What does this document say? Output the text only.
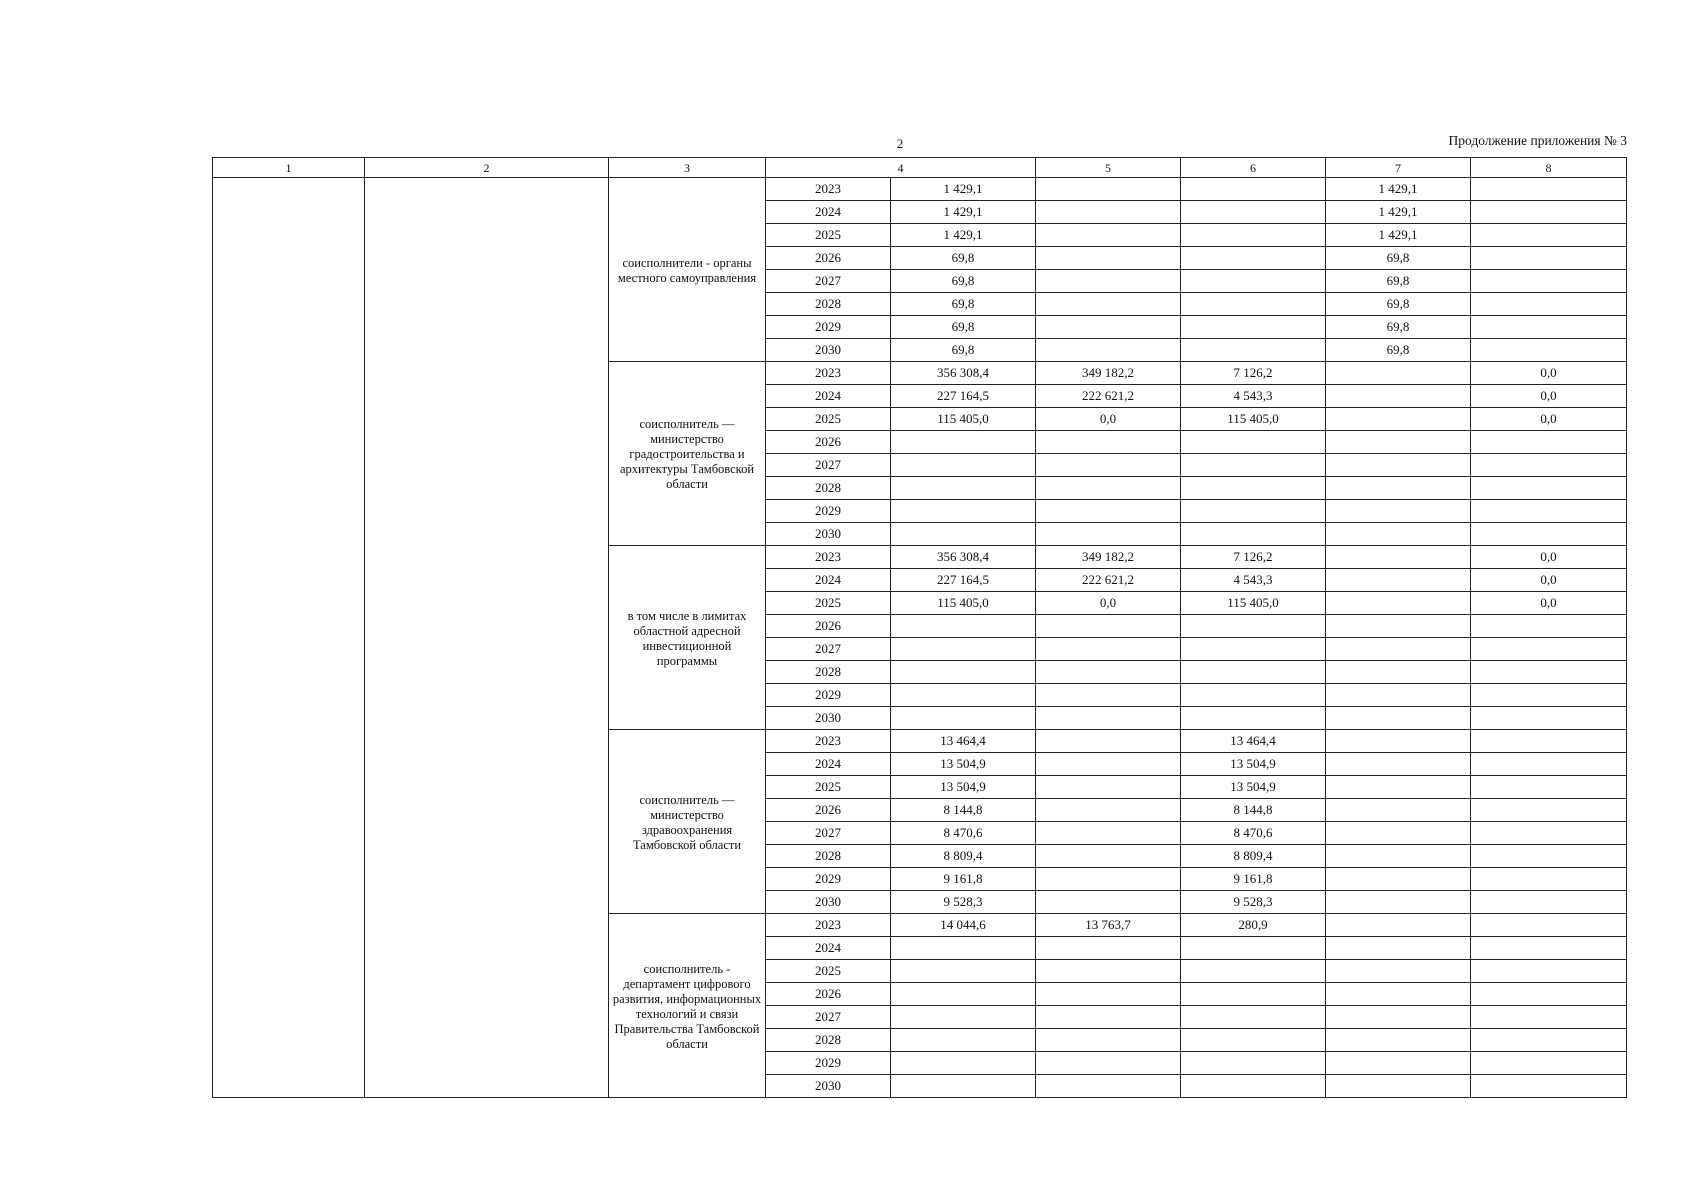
2	Продолжение приложения № 3
1	2	3	4		5	6	7	8
		соисполнители - органы местного самоуправления	2023	1 429,1			1 429,1	
			2024	1 429,1			1 429,1	
			2025	1 429,1			1 429,1	
			2026	69,8			69,8	
			2027	69,8			69,8	
			2028	69,8			69,8	
			2029	69,8			69,8	
			2030	69,8			69,8	
		соисполнитель — министерство градостроительства и архитектуры Тамбовской области	2023	356 308,4	349 182,2	7 126,2		0,0
			2024	227 164,5	222 621,2	4 543,3		0,0
			2025	115 405,0	0,0	115 405,0		0,0
			2026					
			2027					
			2028					
			2029					
			2030					
		в том числе в лимитах областной адресной инвестиционной программы	2023	356 308,4	349 182,2	7 126,2		0,0
			2024	227 164,5	222 621,2	4 543,3		0,0
			2025	115 405,0	0,0	115 405,0		0,0
			2026					
			2027					
			2028					
			2029					
			2030					
		соисполнитель — министерство здравоохранения Тамбовской области	2023	13 464,4		13 464,4		
			2024	13 504,9		13 504,9		
			2025	13 504,9		13 504,9		
			2026	8 144,8		8 144,8		
			2027	8 470,6		8 470,6		
			2028	8 809,4		8 809,4		
			2029	9 161,8		9 161,8		
			2030	9 528,3		9 528,3		
		соисполнитель - департамент цифрового развития, информационных технологий и связи Правительства Тамбовской области	2023	14 044,6	13 763,7	280,9		
			2024					
			2025					
			2026					
			2027					
			2028					
			2029					
			2030					
